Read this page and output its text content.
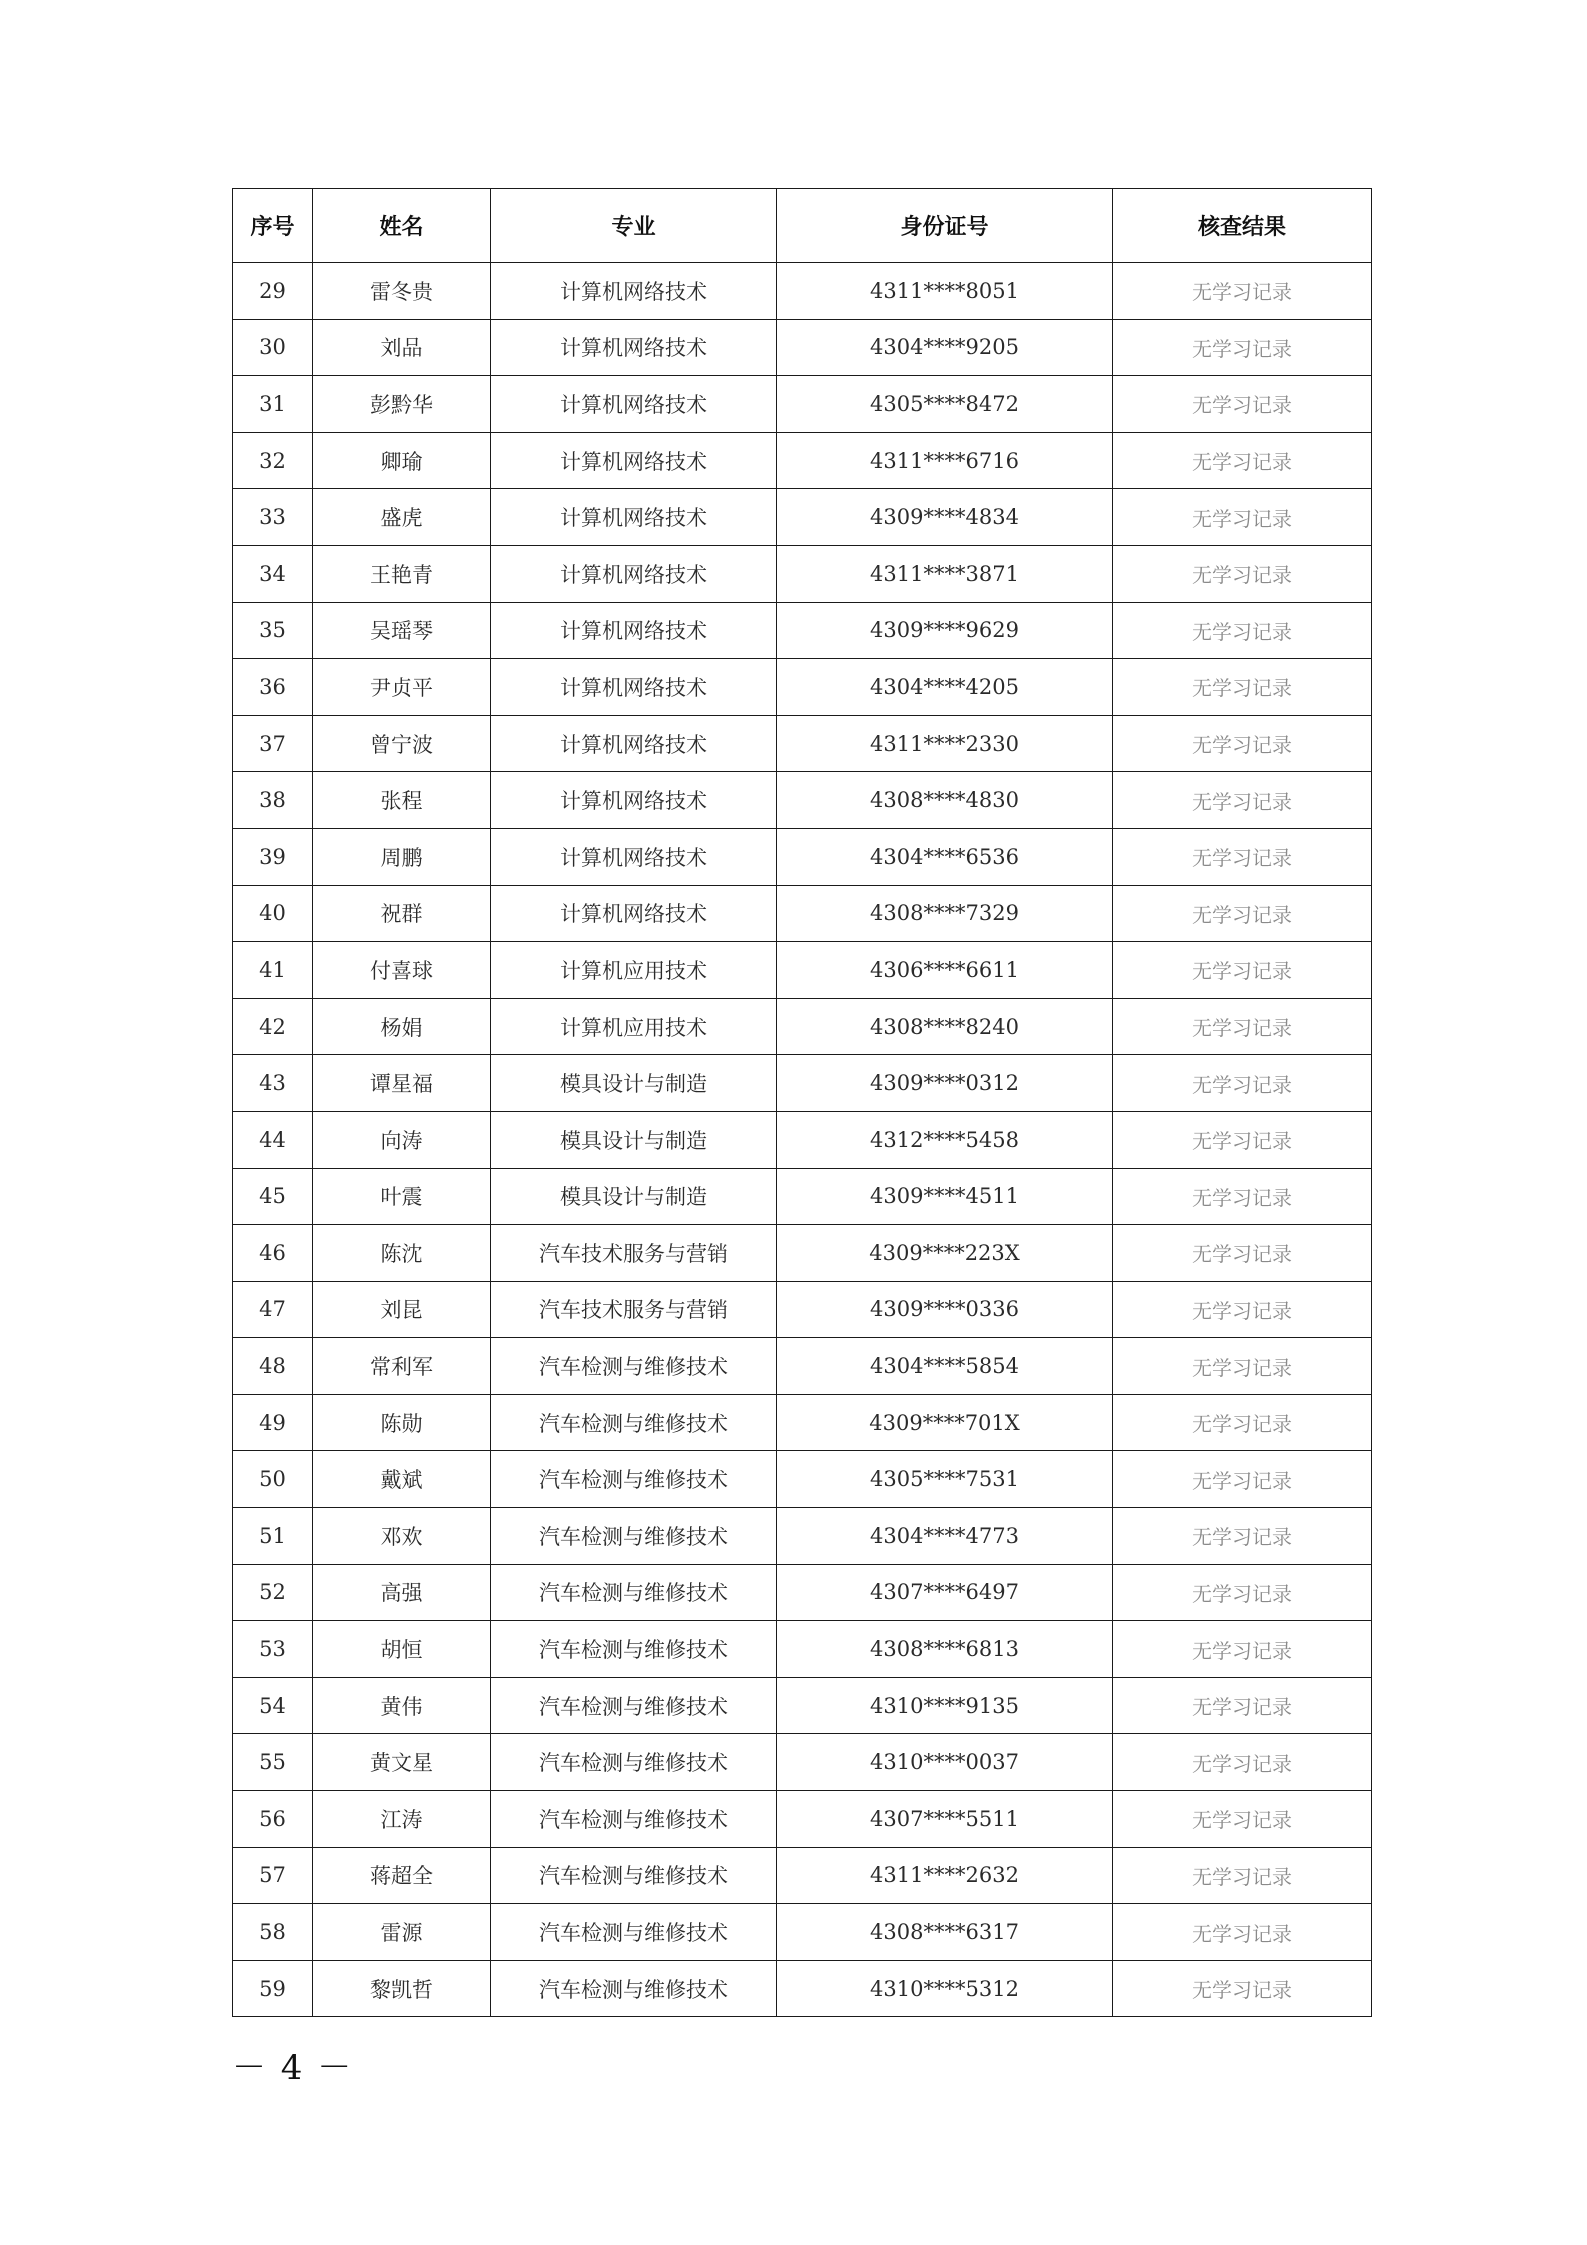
序号	姓名	专业	身份证号	核查结果
29	雷冬贵	计算机网络技术	4311****8051	无学习记录
30	刘品	计算机网络技术	4304****9205	无学习记录
31	彭黔华	计算机网络技术	4305****8472	无学习记录
32	卿瑜	计算机网络技术	4311****6716	无学习记录
33	盛虎	计算机网络技术	4309****4834	无学习记录
34	王艳青	计算机网络技术	4311****3871	无学习记录
35	吴瑶琴	计算机网络技术	4309****9629	无学习记录
36	尹贞平	计算机网络技术	4304****4205	无学习记录
37	曾宁波	计算机网络技术	4311****2330	无学习记录
38	张程	计算机网络技术	4308****4830	无学习记录
39	周鹏	计算机网络技术	4304****6536	无学习记录
40	祝群	计算机网络技术	4308****7329	无学习记录
41	付喜球	计算机应用技术	4306****6611	无学习记录
42	杨娟	计算机应用技术	4308****8240	无学习记录
43	谭星福	模具设计与制造	4309****0312	无学习记录
44	向涛	模具设计与制造	4312****5458	无学习记录
45	叶震	模具设计与制造	4309****4511	无学习记录
46	陈沈	汽车技术服务与营销	4309****223X	无学习记录
47	刘昆	汽车技术服务与营销	4309****0336	无学习记录
48	常利军	汽车检测与维修技术	4304****5854	无学习记录
49	陈勋	汽车检测与维修技术	4309****701X	无学习记录
50	戴斌	汽车检测与维修技术	4305****7531	无学习记录
51	邓欢	汽车检测与维修技术	4304****4773	无学习记录
52	高强	汽车检测与维修技术	4307****6497	无学习记录
53	胡恒	汽车检测与维修技术	4308****6813	无学习记录
54	黄伟	汽车检测与维修技术	4310****9135	无学习记录
55	黄文星	汽车检测与维修技术	4310****0037	无学习记录
56	江涛	汽车检测与维修技术	4307****5511	无学习记录
57	蒋超全	汽车检测与维修技术	4311****2632	无学习记录
58	雷源	汽车检测与维修技术	4308****6317	无学习记录
59	黎凯哲	汽车检测与维修技术	4310****5312	无学习记录
－ 4 －
